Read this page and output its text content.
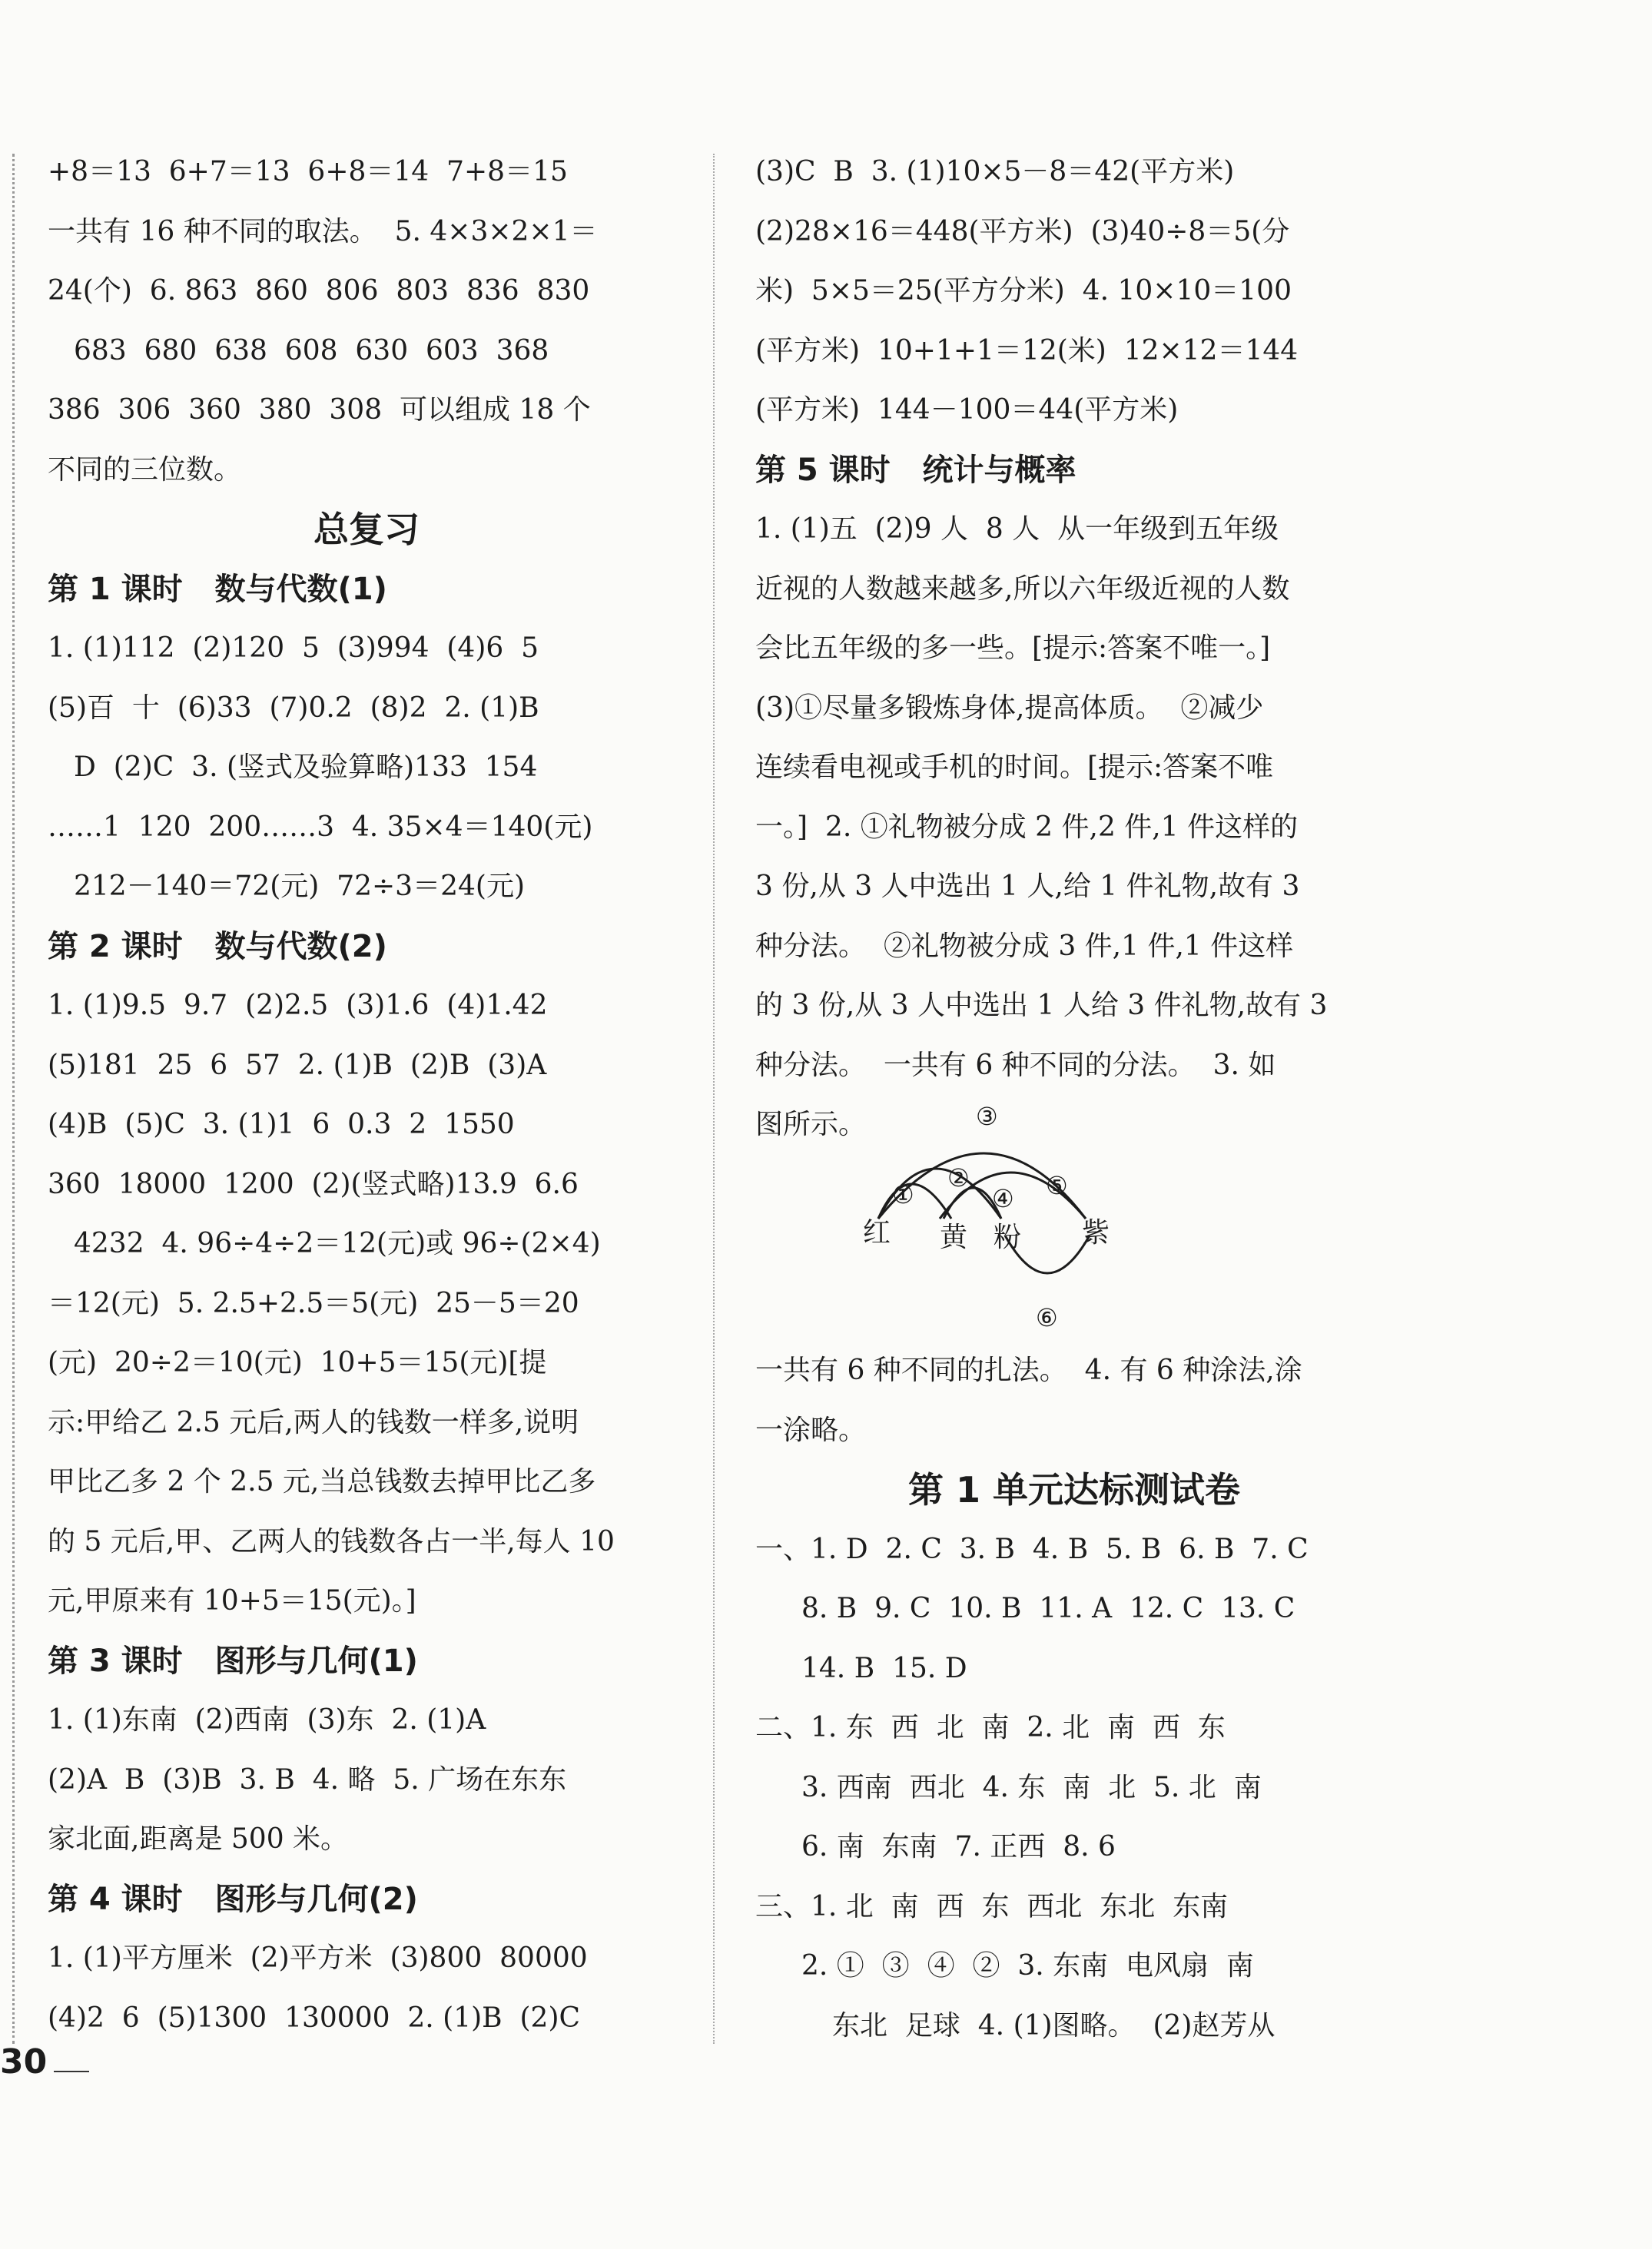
+8＝13  6+7＝13  6+8＝14  7+8＝15
一共有 16 种不同的取法。  5. 4×3×2×1＝
24(个)  6. 863  860  806  803  836  830
683  680  638  608  630  603  368
386  306  360  380  308  可以组成 18 个
不同的三位数。
总复习
第 1 课时   数与代数(1)
1. (1)112  (2)120  5  (3)994  (4)6  5
(5)百  十  (6)33  (7)0.2  (8)2  2. (1)B
D  (2)C  3. (竖式及验算略)133  154
……1  120  200……3  4. 35×4＝140(元)
212－140＝72(元)  72÷3＝24(元)
第 2 课时   数与代数(2)
1. (1)9.5  9.7  (2)2.5  (3)1.6  (4)1.42
(5)181  25  6  57  2. (1)B  (2)B  (3)A
(4)B  (5)C  3. (1)1  6  0.3  2  1550
360  18000  1200  (2)(竖式略)13.9  6.6
4232  4. 96÷4÷2＝12(元)或 96÷(2×4)
＝12(元)  5. 2.5+2.5＝5(元)  25－5＝20
(元)  20÷2＝10(元)  10+5＝15(元)[提
示:甲给乙 2.5 元后,两人的钱数一样多,说明
甲比乙多 2 个 2.5 元,当总钱数去掉甲比乙多
的 5 元后,甲、乙两人的钱数各占一半,每人 10
元,甲原来有 10+5＝15(元)。]
第 3 课时   图形与几何(1)
1. (1)东南  (2)西南  (3)东  2. (1)A
(2)A  B  (3)B  3. B  4. 略  5. 广场在东东
家北面,距离是 500 米。
第 4 课时   图形与几何(2)
1. (1)平方厘米  (2)平方米  (3)800  80000
(4)2  6  (5)1300  130000  2. (1)B  (2)C
(3)C  B  3. (1)10×5－8＝42(平方米)
(2)28×16＝448(平方米)  (3)40÷8＝5(分
米)  5×5＝25(平方分米)  4. 10×10＝100
(平方米)  10+1+1＝12(米)  12×12＝144
(平方米)  144－100＝44(平方米)
第 5 课时   统计与概率
1. (1)五  (2)9 人  8 人  从一年级到五年级
近视的人数越来越多,所以六年级近视的人数
会比五年级的多一些。[提示:答案不唯一。]
(3)①尽量多锻炼身体,提高体质。  ②减少
连续看电视或手机的时间。[提示:答案不唯
一。]  2. ①礼物被分成 2 件,2 件,1 件这样的
3 份,从 3 人中选出 1 人,给 1 件礼物,故有 3
种分法。  ②礼物被分成 3 件,1 件,1 件这样
的 3 份,从 3 人中选出 1 人给 3 件礼物,故有 3
种分法。  一共有 6 种不同的分法。  3. 如
图所示。
①
②
③
④ ⑤
⑥
红 黄 粉 紫
一共有 6 种不同的扎法。  4. 有 6 种涂法,涂
一涂略。
第 1 单元达标测试卷
一、1. D  2. C  3. B  4. B  5. B  6. B  7. C
8. B  9. C  10. B  11. A  12. C  13. C
14. B  15. D
二、1. 东  西  北  南  2. 北  南  西  东
3. 西南  西北  4. 东  南  北  5. 北  南
6. 南  东南  7. 正西  8. 6
三、1. 北  南  西  东  西北  东北  东南
2. ①  ③  ④  ②  3. 东南  电风扇  南
东北  足球  4. (1)图略。  (2)赵芳从
30
